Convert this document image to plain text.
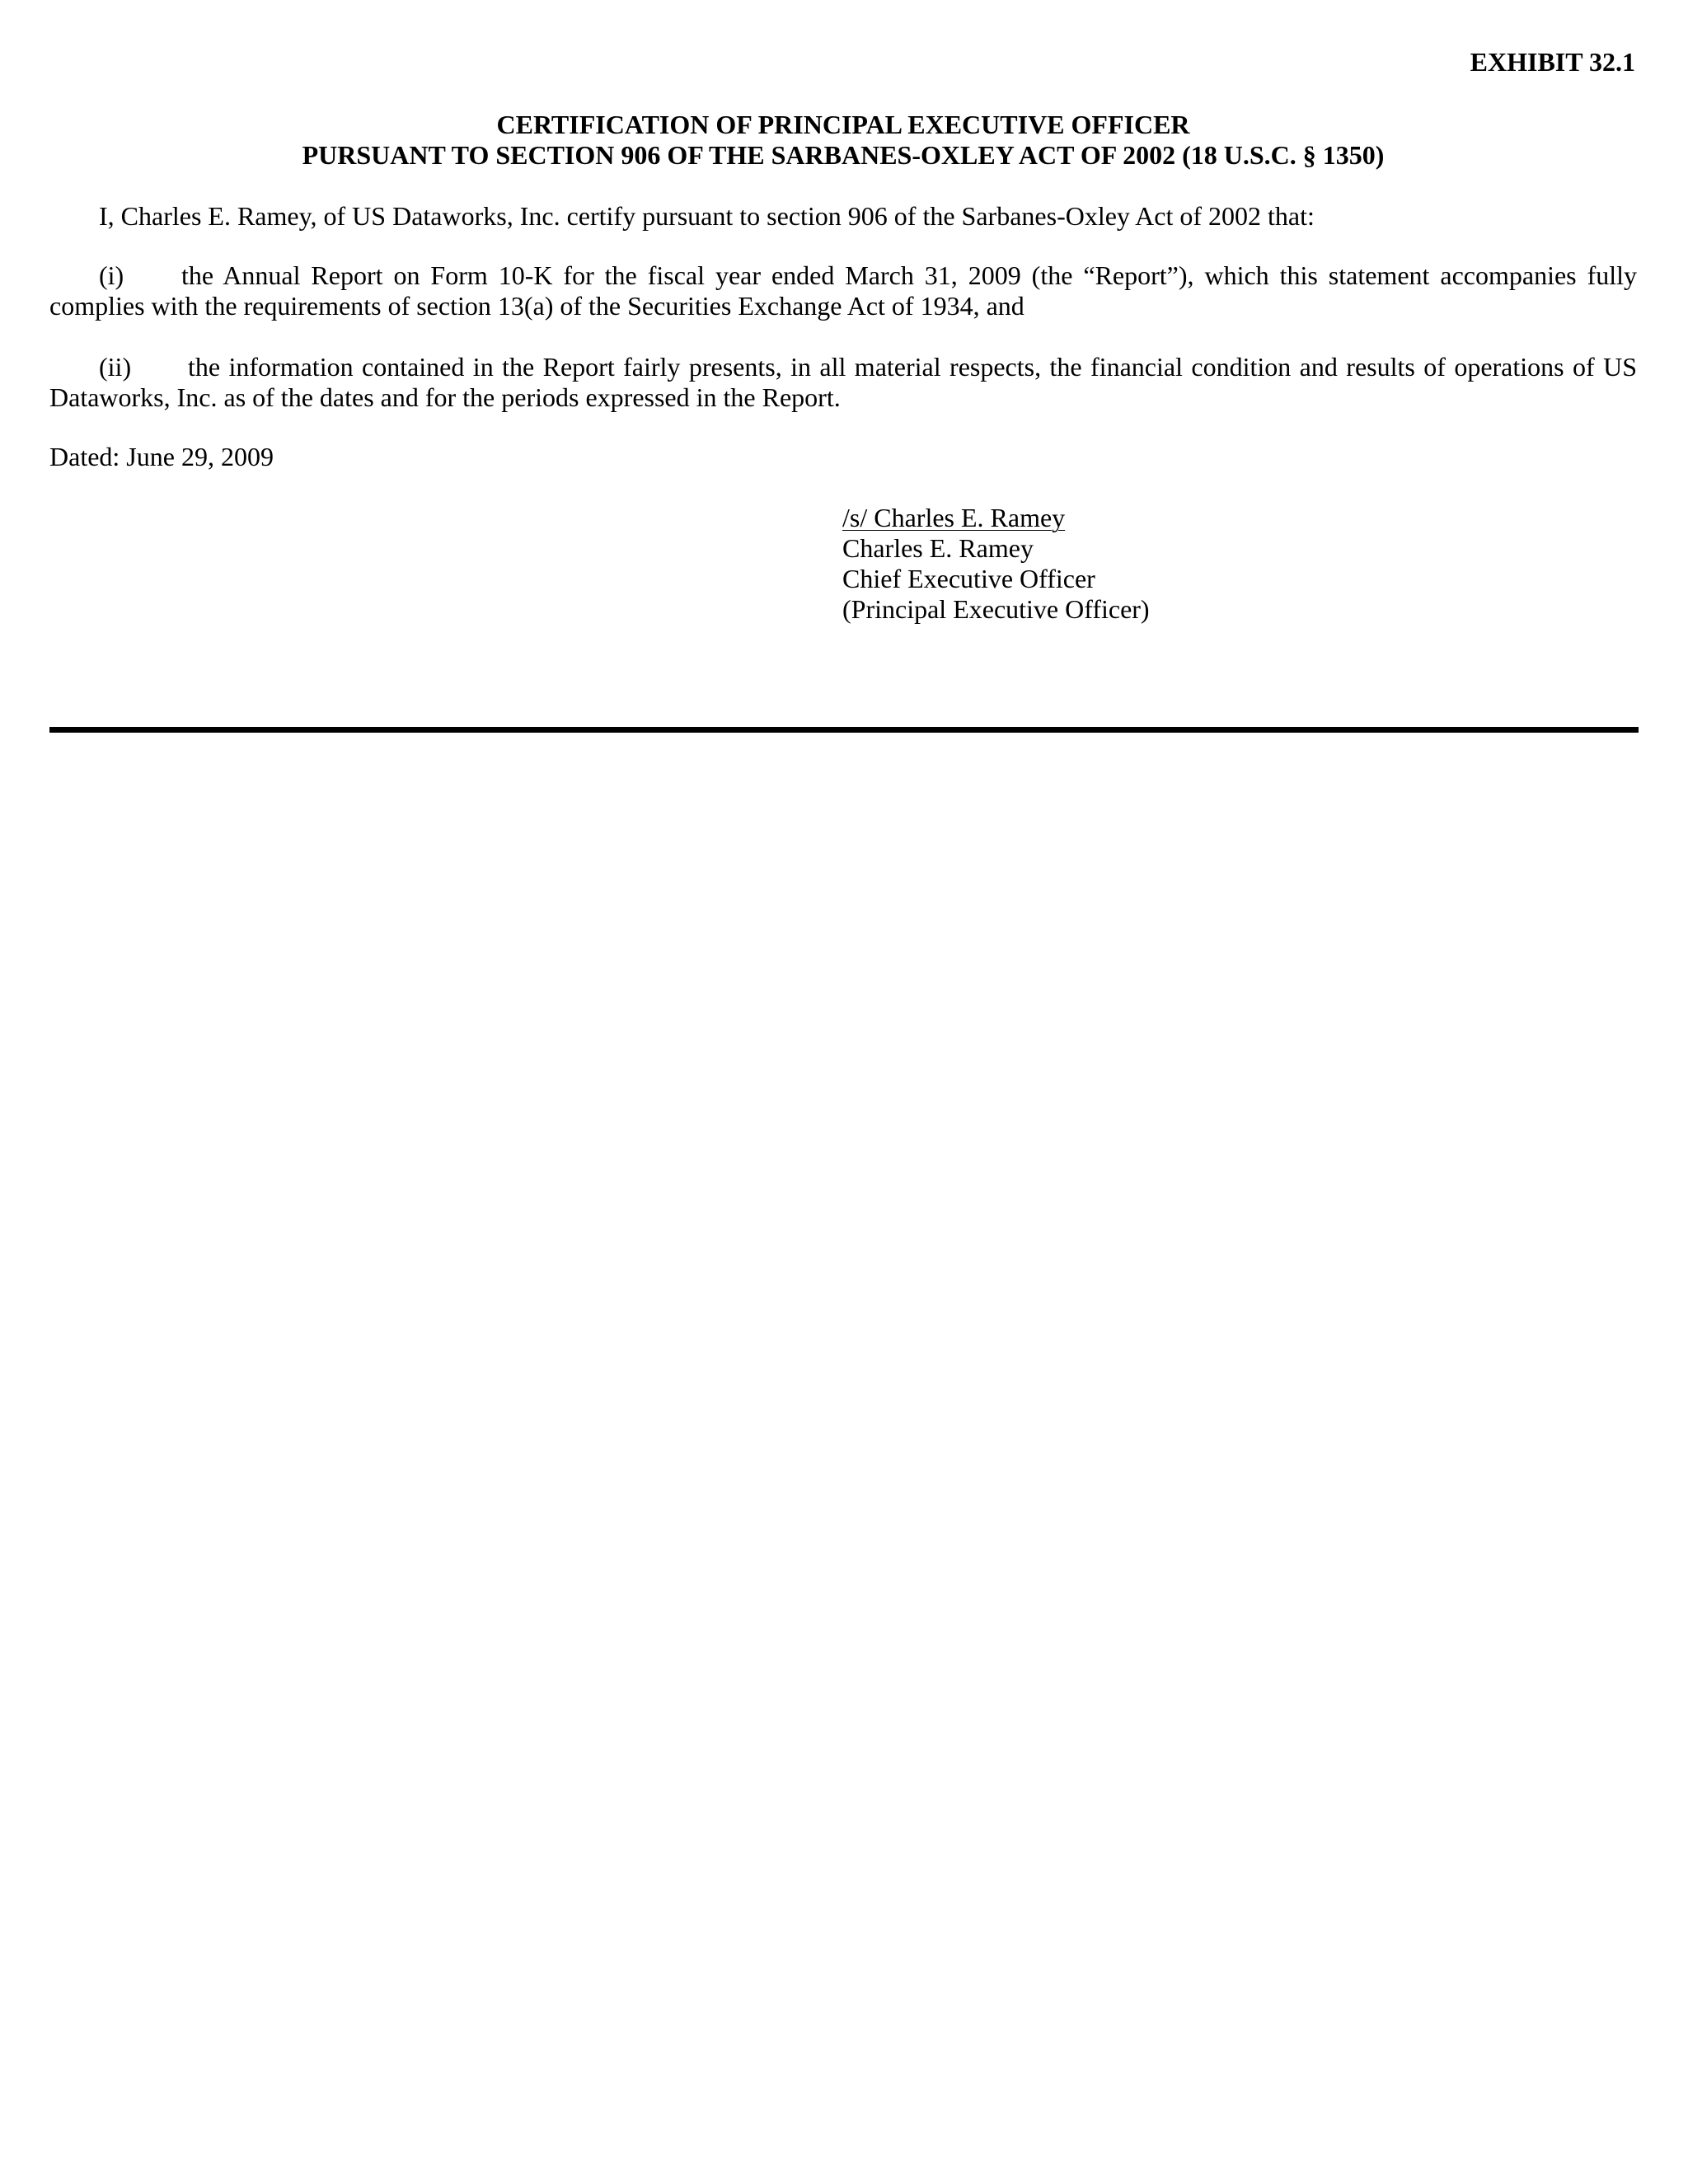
EXHIBIT 32.1
CERTIFICATION OF PRINCIPAL EXECUTIVE OFFICER
PURSUANT TO SECTION 906 OF THE SARBANES-OXLEY ACT OF 2002 (18 U.S.C. § 1350)
I, Charles E. Ramey, of US Dataworks, Inc. certify pursuant to section 906 of the Sarbanes-Oxley Act of 2002 that:
(i) the Annual Report on Form 10-K for the fiscal year ended March 31, 2009 (the “Report”), which this statement accompanies fully complies with the requirements of section 13(a) of the Securities Exchange Act of 1934, and
(ii) the information contained in the Report fairly presents, in all material respects, the financial condition and results of operations of US Dataworks, Inc. as of the dates and for the periods expressed in the Report.
Dated: June 29, 2009
/s/ Charles E. Ramey
Charles E. Ramey
Chief Executive Officer
(Principal Executive Officer)
